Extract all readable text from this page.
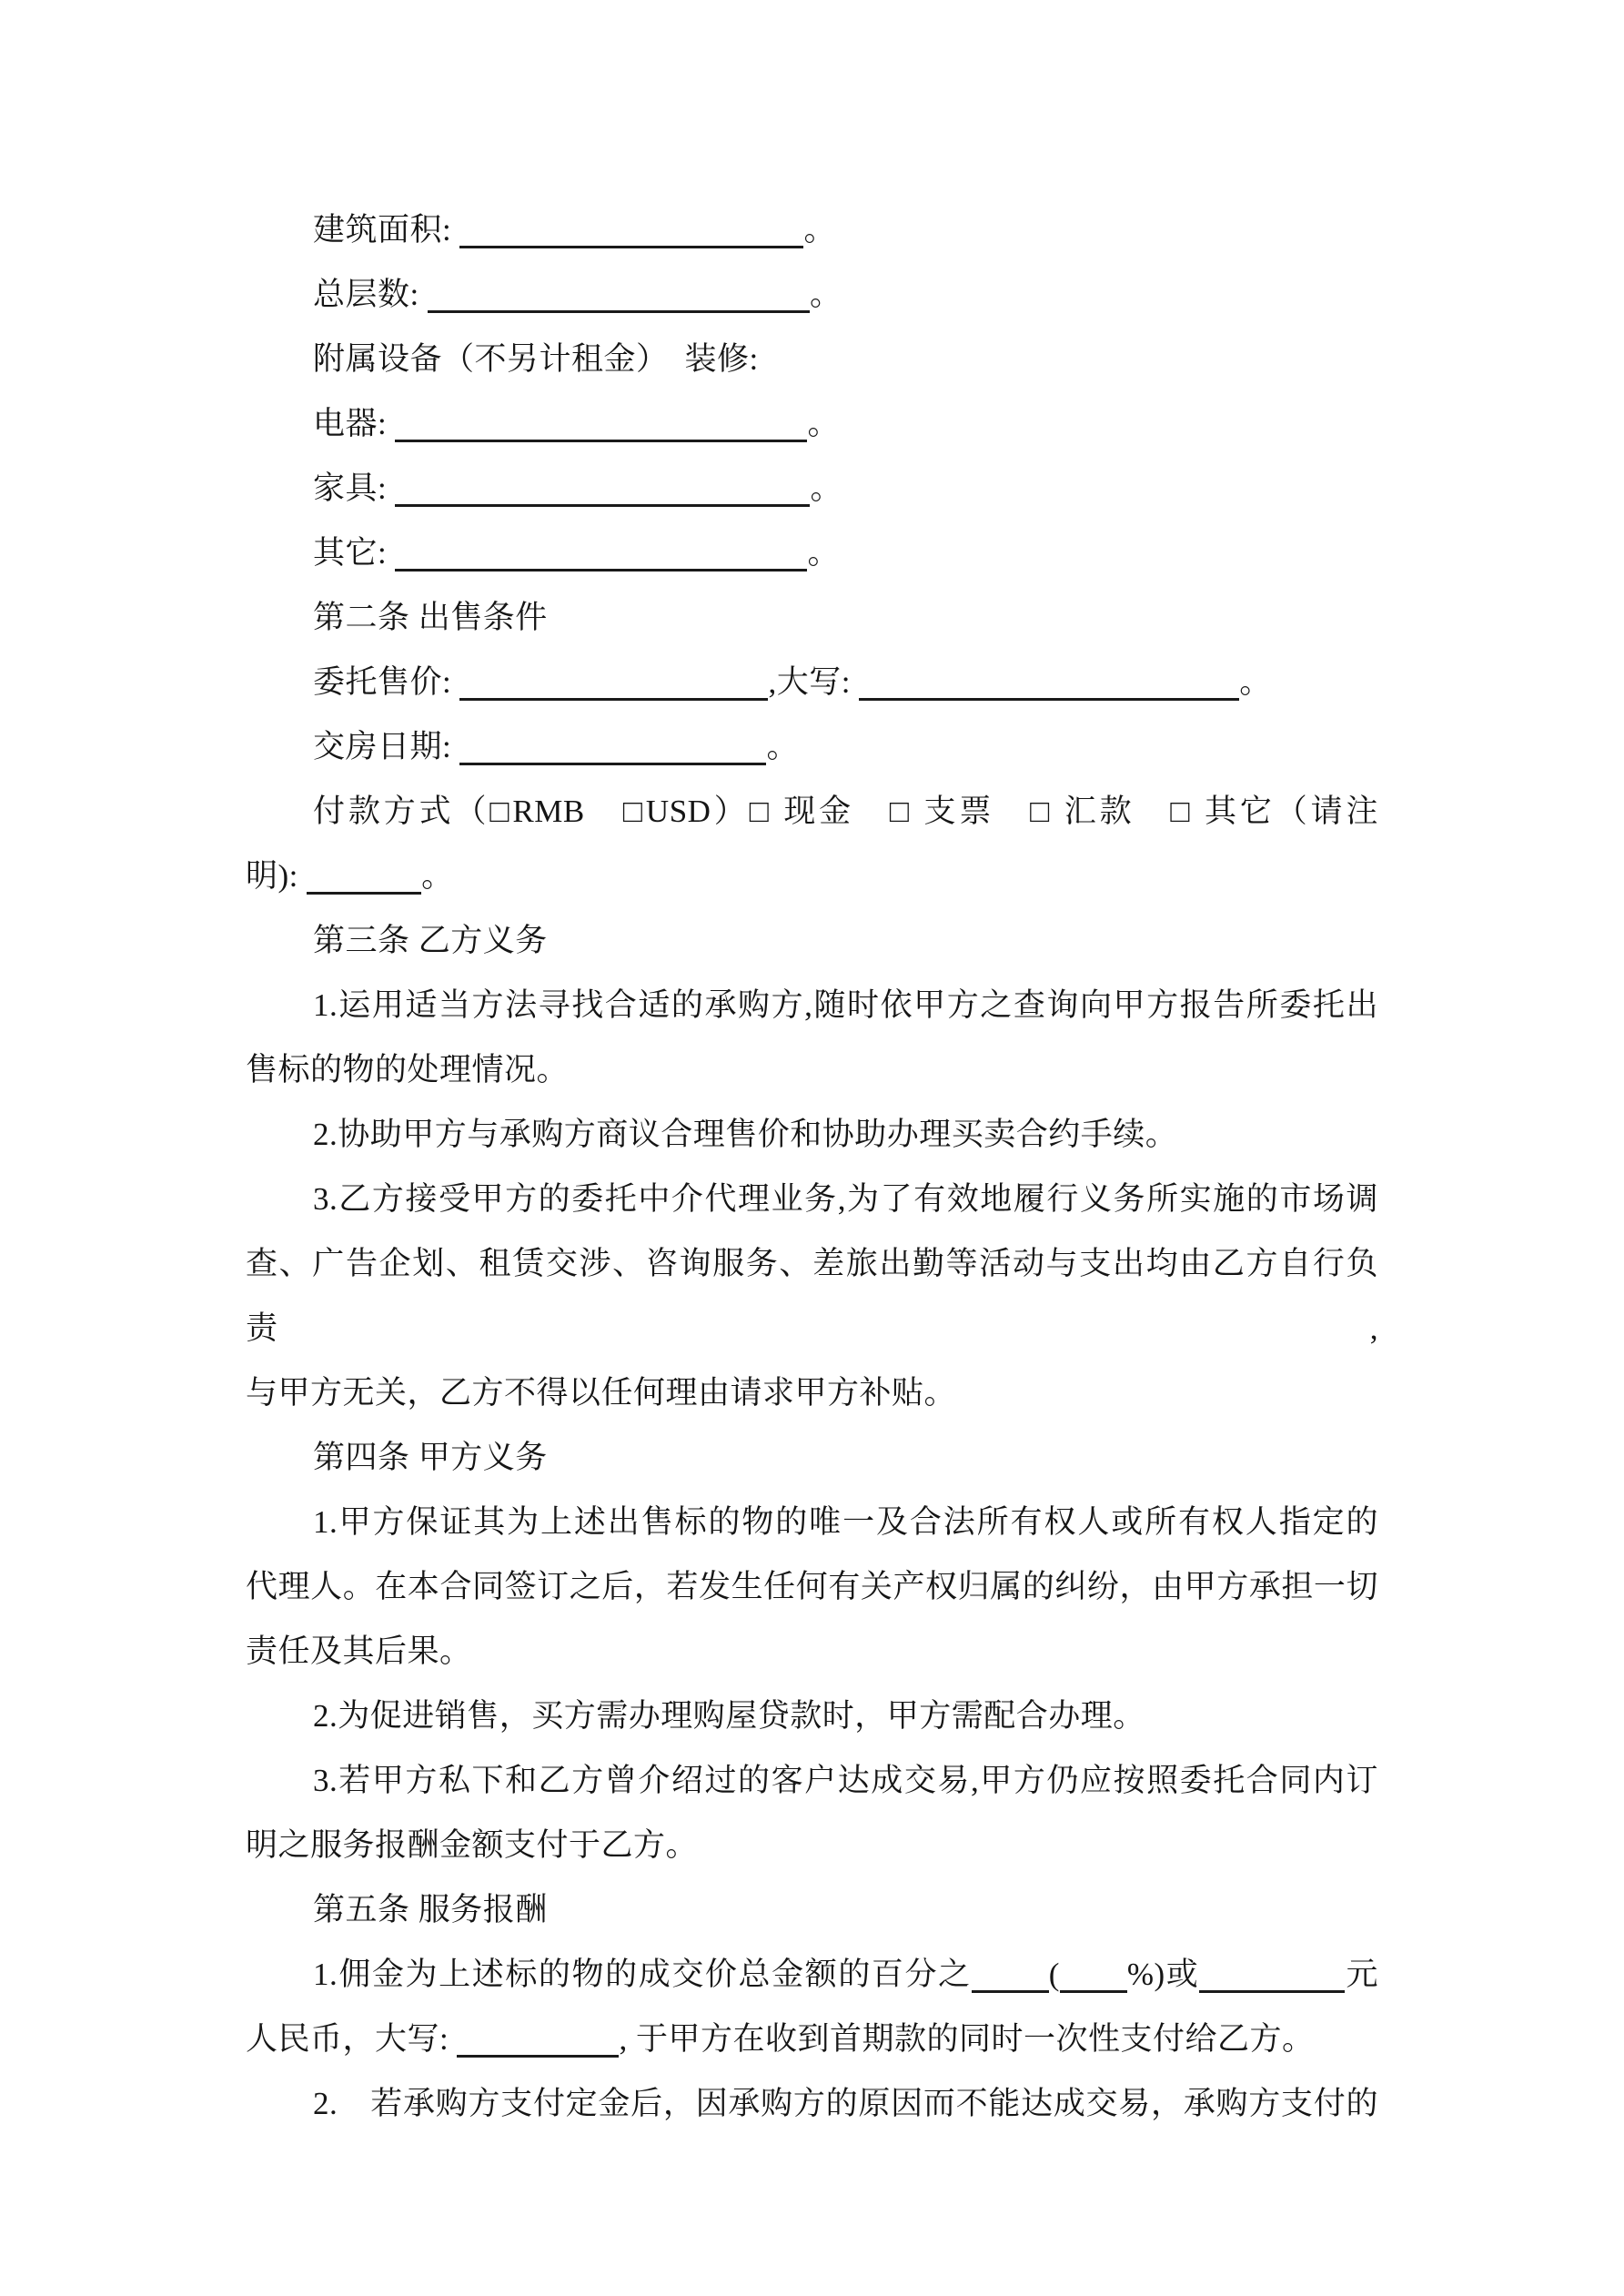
建筑面积:	。
总层数:	。
附属设备（不另计租金）　装修:
电器:	。
家具:	。
其它:	。
第二条 出售条件
委托售价:	,大写:	。
交房日期:	。
付款方式（□RMB　□USD）□ 现金　□ 支票　□ 汇款　□ 其它（请注
明):	。
第三条 乙方义务
1.运用适当方法寻找合适的承购方,随时依甲方之查询向甲方报告所委托出
售标的物的处理情况。
2.协助甲方与承购方商议合理售价和协助办理买卖合约手续。
3.乙方接受甲方的委托中介代理业务,为了有效地履行义务所实施的市场调
查、广告企划、租赁交涉、咨询服务、差旅出勤等活动与支出均由乙方自行负责,
与甲方无关，乙方不得以任何理由请求甲方补贴。
第四条 甲方义务
1.甲方保证其为上述出售标的物的唯一及合法所有权人或所有权人指定的
代理人。在本合同签订之后，若发生任何有关产权归属的纠纷，由甲方承担一切
责任及其后果。
2.为促进销售，买方需办理购屋贷款时，甲方需配合办理。
3.若甲方私下和乙方曾介绍过的客户达成交易,甲方仍应按照委托合同内订
明之服务报酬金额支付于乙方。
第五条 服务报酬
1.佣金为上述标的物的成交价总金额的百分之 ( %)或	元
人民币，大写:	, 于甲方在收到首期款的同时一次性支付给乙方。
2.　若承购方支付定金后，因承购方的原因而不能达成交易，承购方支付的
